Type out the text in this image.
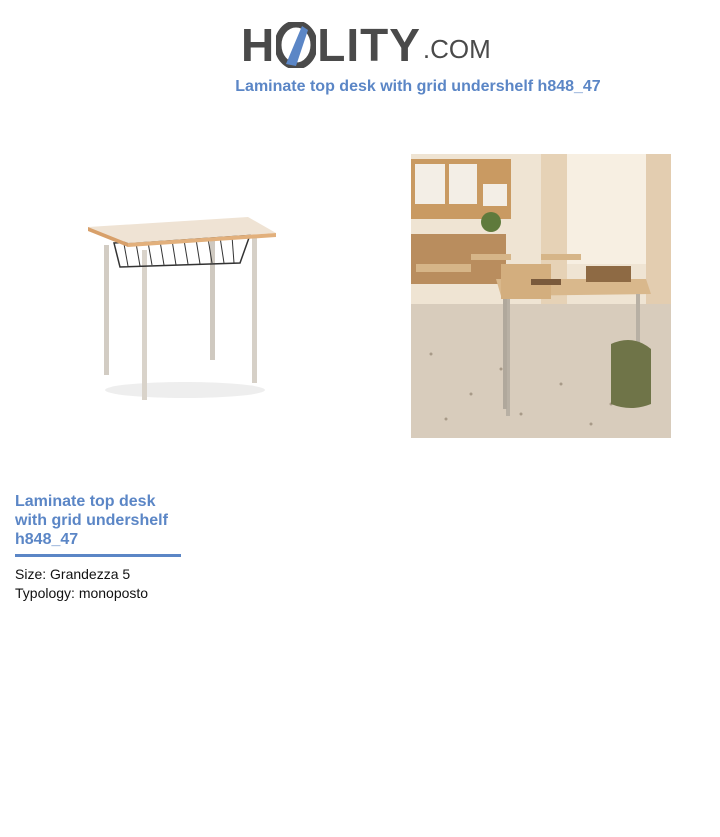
H LITY .COM
Laminate top desk with grid undershelf h848_47
Laminate top desk with grid undershelf h848_47
Size: Grandezza 5
Typology: monoposto
